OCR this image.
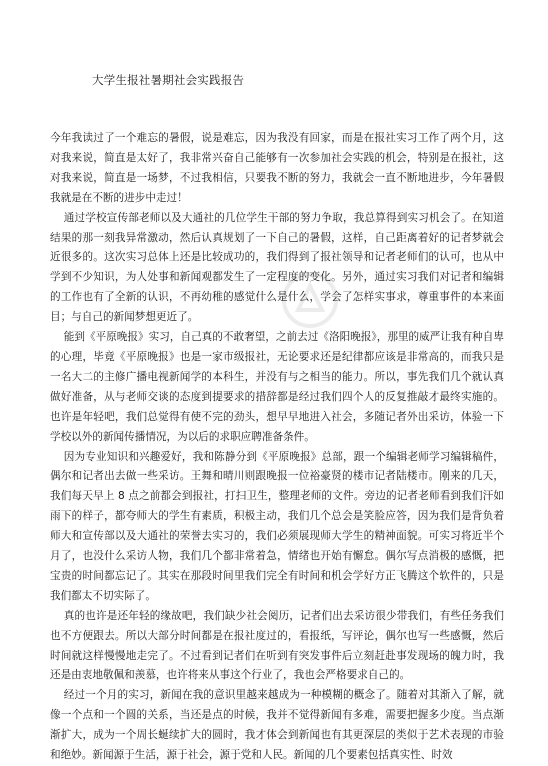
大学生报社暑期社会实践报告

今年我读过了一个难忘的暑假，说是难忘，因为我没有回家，而是在报社实习工作了两个月，这对我来说，简直是太好了，我非常兴奋自己能够有一次参加社会实践的机会，特别是在报社，这对我来说，简直是一场梦，不过我相信，只要我不断的努力，我就会一直不断地进步，今年暑假我就是在不断的进步中走过！

通过学校宣传部老师以及大通社的几位学生干部的努力争取，我总算得到实习机会了。在知道结果的那一刻我异常激动，然后认真规划了一下自己的暑假，这样，自己距离着好的记者梦就会近很多的。这次实习总体上还是比较成功的，我们得到了报社领导和记者老师们的认可，也从中学到不少知识，为人处事和新闻观都发生了一定程度的变化。另外，通过实习我们对记者和编辑的工作也有了全新的认识，不再幼稚的感觉什么是什么，学会了怎样实事求，尊重事件的本来面目；与自己的新闻梦想更近了。

能到《平原晚报》实习，自己真的不敢奢望，之前去过《洛阳晚报》，那里的威严让我有种自卑的心理，毕竟《平原晚报》也是一家市级报社，无论要求还是纪律都应该是非常高的，而我只是一名大二的主修广播电视新闻学的本科生，并没有与之相当的能力。所以，事先我们几个就认真做好准备，从与老师交谈的态度到提要求的措辞都是经过我们四个人的反复推敲才最终实施的。也许是年轻吧，我们总觉得有使不完的劲头，想早早地进入社会，多随记者外出采访，体验一下学校以外的新闻传播情况，为以后的求职应聘准备条件。

因为专业知识和兴趣爱好，我和陈静分到《平原晚报》总部，跟一个编辑老师学习编辑稿件，偶尔和记者出去做一些采访。王舞和晴川则跟晚报一位裕豪贤的楼市记者陆楼市。刚来的几天，我们每天早上 8 点之前都会到报社，打扫卫生，整理老师的文件。旁边的记者老师看到我们汗如雨下的样子，都夸师大的学生有素质，积极主动，我们几个总会是笑脸应答，因为我们是背负着师大和宣传部以及大通社的荣誉去实习的，我们必须展现师大学生的精神面貌。可实习将近半个月了，也没什么采访人物，我们几个都非常着急，情绪也开始有懈怠。偶尔写点消极的感慨，把宝贵的时间都忘记了。其实在那段时间里我们完全有时间和机会学好方正飞腾这个软件的，只是我们都太不切实际了。

真的也许是还年轻的缘故吧，我们缺少社会阅历，记者们出去采访很少带我们，有些任务我们也不方便跟去。所以大部分时间都是在报社度过的，看报纸，写评论，偶尔也写一些感慨，然后时间就这样慢慢地走完了。不过看到记者们在听到有突发事件后立刻赶赴事发现场的魄力时，我还是由衷地敬佩和羡慕，也许将来从事这个行业了，我也会严格要求自己的。

经过一个月的实习，新闻在我的意识里越来越成为一种模糊的概念了。随着对其渐入了解，就像一个点和一个圆的关系，当还是点的时候，我并不觉得新闻有多难，需要把握多少度。当点渐渐扩大，成为一个周长蜒续扩大的圆时，我才体会到新闻也有其更深层的类似于艺术表现的市验和绝妙。新闻源于生活，源于社会，源于党和人民。新闻的几个要素包括真实性、时效
